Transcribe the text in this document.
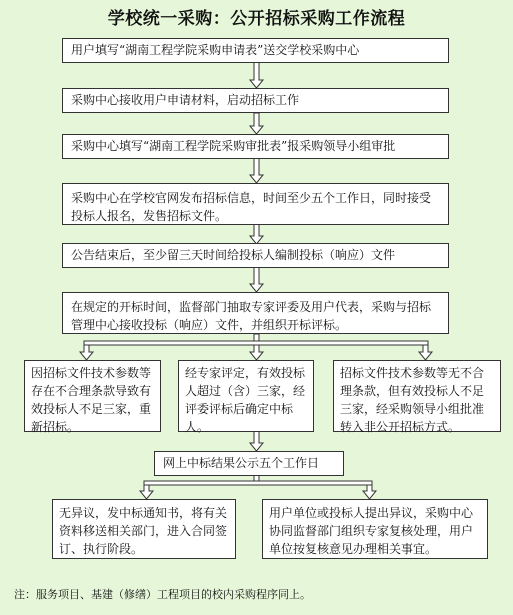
学校统一采购：公开招标采购工作流程
用户填写“湖南工程学院采购申请表”送交学校采购中心
采购中心接收用户申请材料，启动招标工作
采购中心填写“湖南工程学院采购审批表”报采购领导小组审批
采购中心在学校官网发布招标信息，时间至少五个工作日，同时接受投标人报名，发售招标文件。
公告结束后，至少留三天时间给投标人编制投标（响应）文件
在规定的开标时间，监督部门抽取专家评委及用户代表，采购与招标管理中心接收投标（响应）文件，并组织开标评标。
因招标文件技术参数等存在不合理条款导致有效投标人不足三家，重新招标。
经专家评定，有效投标人超过（含）三家，经评委评标后确定中标人。
招标文件技术参数等无不合理条款，但有效投标人不足三家，经采购领导小组批准转入非公开招标方式。
网上中标结果公示五个工作日
无异议，发中标通知书，将有关资料移送相关部门，进入合同签订、执行阶段。
用户单位或投标人提出异议，采购中心协同监督部门组织专家复核处理，用户单位按复核意见办理相关事宜。
注：服务项目、基建（修缮）工程项目的校内采购程序同上。
